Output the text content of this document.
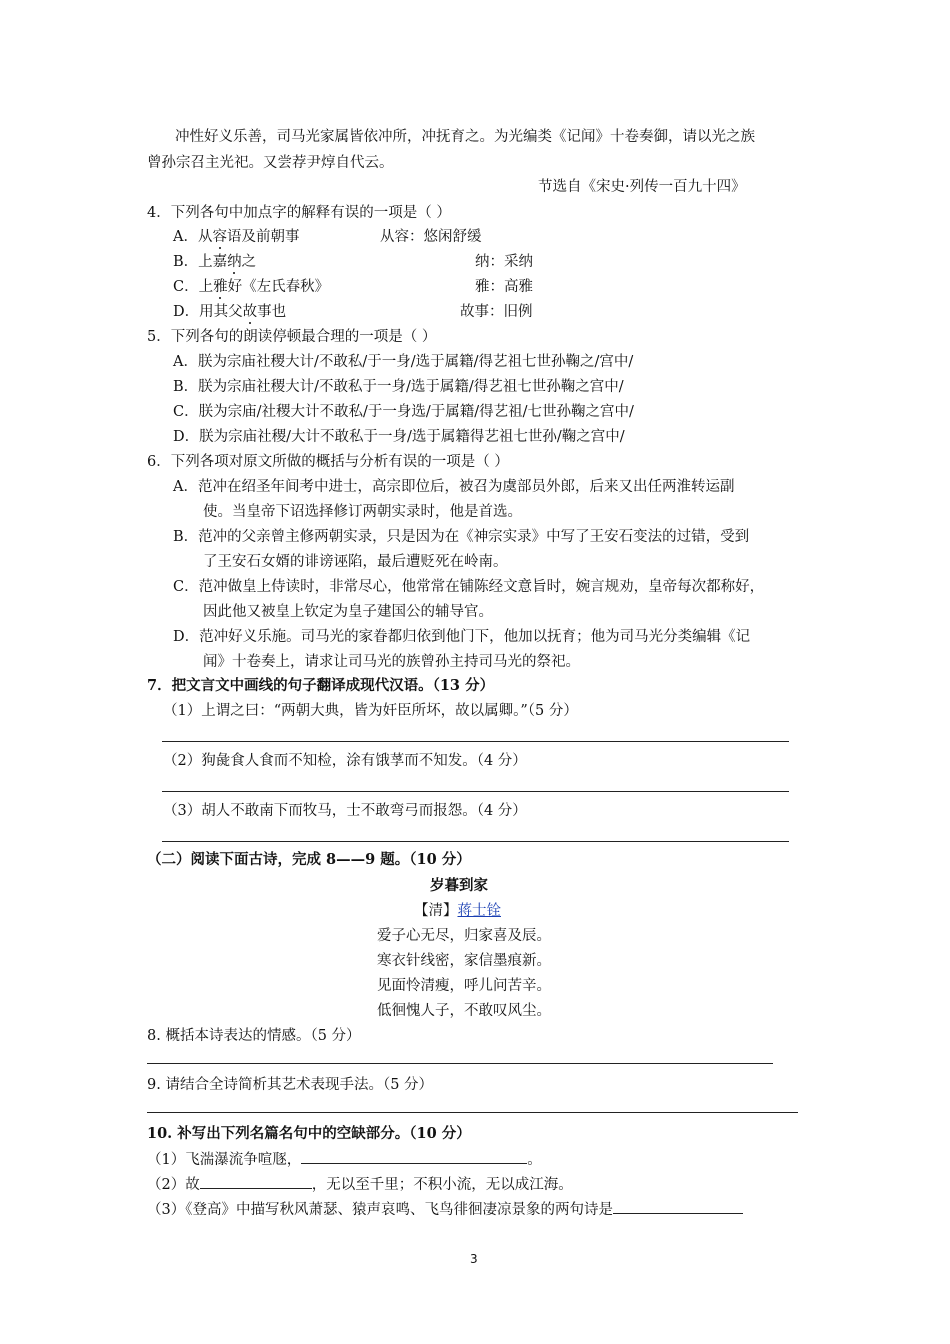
冲性好义乐善，司马光家属皆依冲所，冲抚育之。为光编类《记闻》十卷奏御，请以光之族
曾孙宗召主光祀。又尝荐尹焞自代云。
节选自《宋史·列传一百九十四》
4．下列各句中加点字的解释有误的一项是（ ）
A．从容语及前朝事	从容：悠闲舒缓
B．上嘉纳之	纳：采纳
C．上雅好《左氏春秋》	雅：高雅
D．用其父故事也	故事：旧例
5．下列各句的朗读停顿最合理的一项是（ ）
A．朕为宗庙社稷大计/不敢私/于一身/选于属籍/得艺祖七世孙鞠之/宫中/
B．朕为宗庙社稷大计/不敢私于一身/选于属籍/得艺祖七世孙鞠之宫中/
C．朕为宗庙/社稷大计不敢私/于一身选/于属籍/得艺祖/七世孙鞠之宫中/
D．朕为宗庙社稷/大计不敢私于一身/选于属籍得艺祖七世孙/鞠之宫中/
6．下列各项对原文所做的概括与分析有误的一项是（ ）
A．范冲在绍圣年间考中进士，高宗即位后，被召为虞部员外郎，后来又出任两淮转运副
使。当皇帝下诏选择修订两朝实录时，他是首选。
B．范冲的父亲曾主修两朝实录，只是因为在《神宗实录》中写了王安石变法的过错，受到
了王安石女婿的诽谤诬陷，最后遭贬死在岭南。
C．范冲做皇上侍读时，非常尽心，他常常在铺陈经文意旨时，婉言规劝，皇帝每次都称好，
因此他又被皇上钦定为皇子建国公的辅导官。
D．范冲好义乐施。司马光的家眷都归依到他门下，他加以抚育；他为司马光分类编辑《记
闻》十卷奏上，请求让司马光的族曾孙主持司马光的祭祀。
7．把文言文中画线的句子翻译成现代汉语。（13 分）
（1）上谓之曰：“两朝大典，皆为奸臣所坏，故以属卿。”（5 分）
（2）狗彘食人食而不知检，涂有饿莩而不知发。（4 分）
（3）胡人不敢南下而牧马，士不敢弯弓而报怨。（4 分）
（二）阅读下面古诗，完成 8——9 题。（10 分）
岁暮到家
【清】蒋士铨
爱子心无尽，归家喜及辰。
寒衣针线密，家信墨痕新。
见面怜清瘦，呼儿问苦辛。
低徊愧人子，不敢叹风尘。
8. 概括本诗表达的情感。（5 分）
9. 请结合全诗简析其艺术表现手法。（5 分）
10. 补写出下列名篇名句中的空缺部分。（10 分）
（1）飞湍瀑流争喧豗，	。
（2）故	，无以至千里；不积小流，无以成江海。
（3）《登高》中描写秋风萧瑟、猿声哀鸣、飞鸟徘徊凄凉景象的两句诗是
3
